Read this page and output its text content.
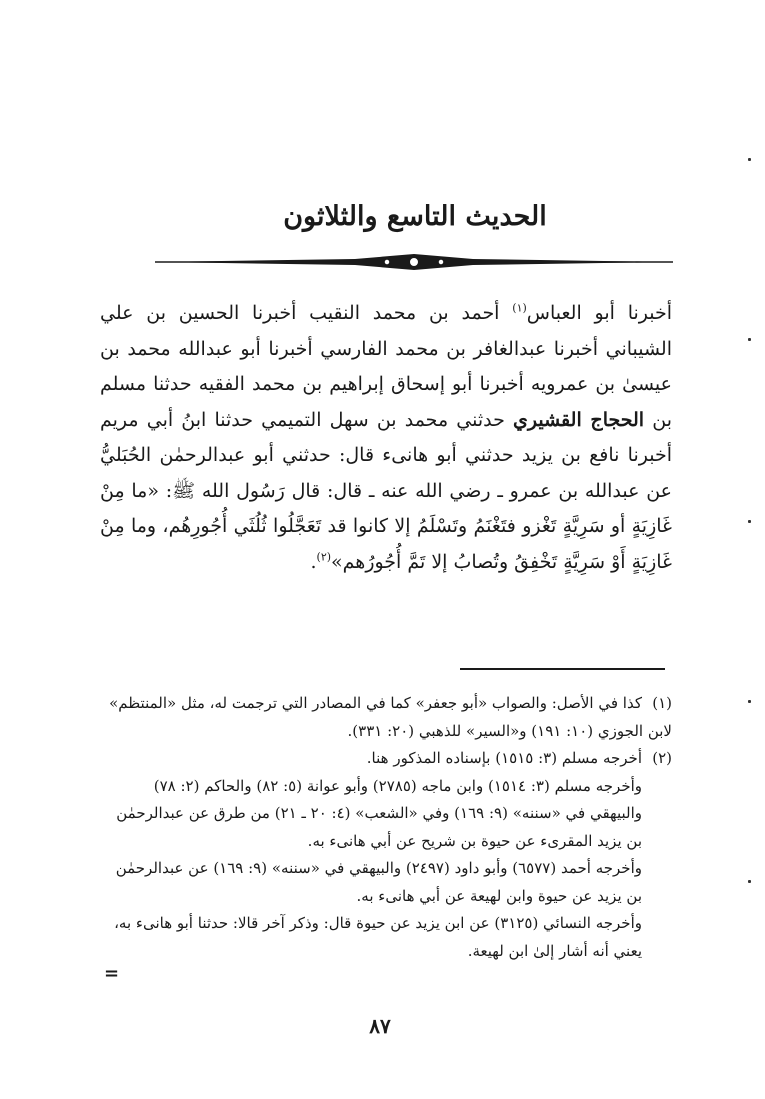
الحديث التاسع والثلاثون

أخبرنا أبو العباس$^{(١)}$ أحمد بن محمد النقيب أخبرنا الحسين بن علي الشيباني أخبرنا عبدالغافر بن محمد الفارسي أخبرنا أبو عبدالله محمد بن عيسىٰ بن عمرويه أخبرنا أبو إسحاق إبراهيم بن محمد الفقيه حدثنا مسلم بن الحجاج القشيري حدثني محمد بن سهل التميمي حدثنا ابنُ أبي مريم أخبرنا نافع بن يزيد حدثني أبو هانىء قال: حدثني أبو عبدالرحمٰن الحُبَليُّ عن عبدالله بن عمرو ـ رضي الله عنه ـ قال: قال رَسُول الله ﷺ: «ما مِنْ غَازِيَةٍ أو سَرِيَّةٍ تَغْزو فتَغْنَمُ وتَسْلَمُ إلا كانوا قد تَعَجَّلُوا ثُلُثَي أُجُورِهُم، وما مِنْ غَازِيَةٍ أَوْ سَرِيَّةٍ تَخْفِقُ وتُصابُ إلا تَمَّ أُجُورُهم»$^{(٢)}$.

(١)كذا في الأصل: والصواب «أبو جعفر» كما في المصادر التي ترجمت له، مثل «المنتظم» لابن الجوزي (١٠: ١٩١) و«السير» للذهبي (٢٠: ٣٣١).

(٢)أخرجه مسلم (٣: ١٥١٥) بإسناده المذكور هنا.

وأخرجه مسلم (٣: ١٥١٤) وابن ماجه (٢٧٨٥) وأبو عوانة (٥: ٨٢) والحاكم (٢: ٧٨) والبيهقي في «سننه» (٩: ١٦٩) وفي «الشعب» (٤: ٢٠ ـ ٢١) من طرق عن عبدالرحمٰن بن يزيد المقرىء عن حيوة بن شريح عن أبي هانىء به.

وأخرجه أحمد (٦٥٧٧) وأبو داود (٢٤٩٧) والبيهقي في «سننه» (٩: ١٦٩) عن عبدالرحمٰن بن يزيد عن حيوة وابن لهيعة عن أبي هانىء به.

وأخرجه النسائي (٣١٢٥) عن ابن يزيد عن حيوة قال: وذكر آخر قالا: حدثنا أبو هانىء به، يعني أنه أشار إلىٰ ابن لهيعة.

=
٨٧
